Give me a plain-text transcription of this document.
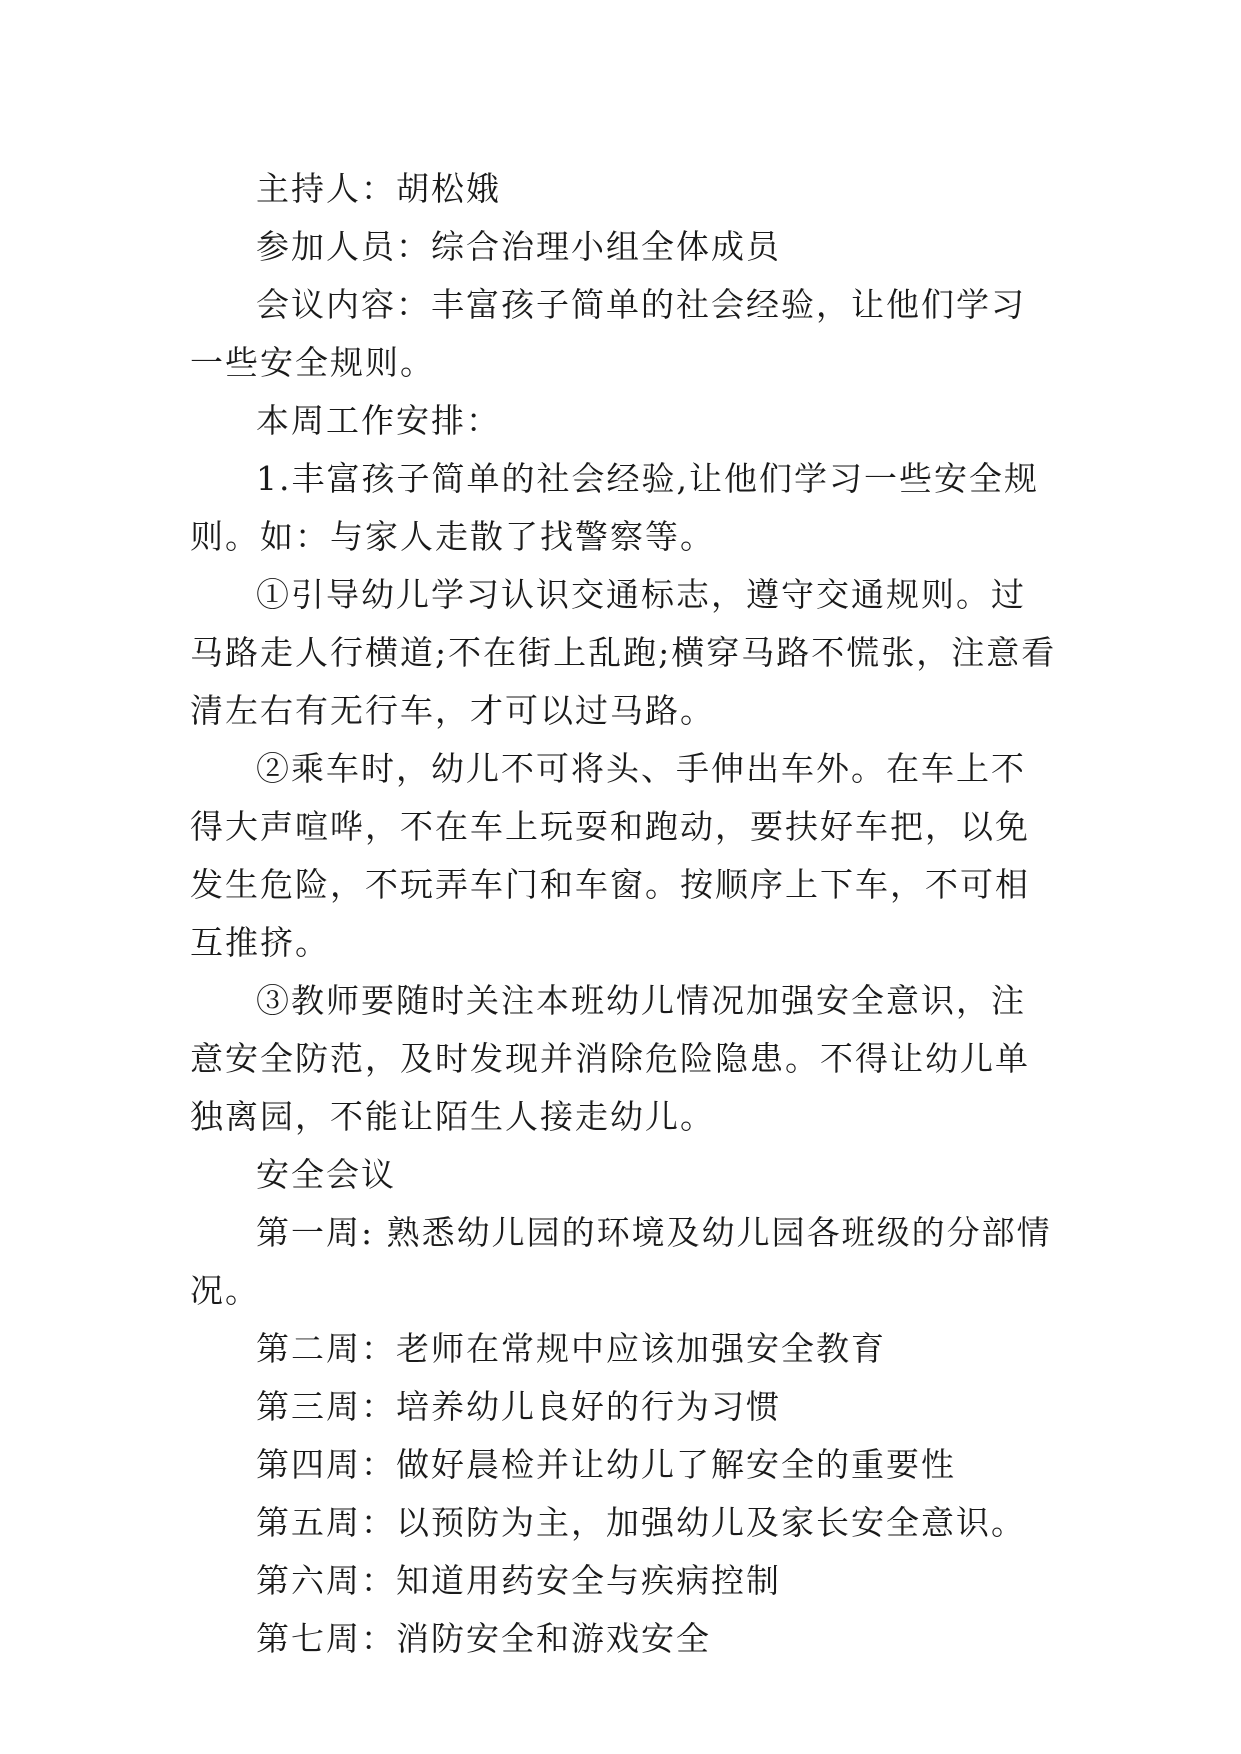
主持人：胡松娥

参加人员：综合治理小组全体成员

会议内容：丰富孩子简单的社会经验，让他们学习一些安全规则。

本周工作安排：

1.丰富孩子简单的社会经验,让他们学习一些安全规则。如：与家人走散了找警察等。

①引导幼儿学习认识交通标志，遵守交通规则。过马路走人行横道;不在街上乱跑;横穿马路不慌张，注意看清左右有无行车，才可以过马路。

②乘车时，幼儿不可将头、手伸出车外。在车上不得大声喧哗，不在车上玩耍和跑动，要扶好车把，以免发生危险，不玩弄车门和车窗。按顺序上下车，不可相互推挤。

③教师要随时关注本班幼儿情况加强安全意识，注意安全防范，及时发现并消除危险隐患。不得让幼儿单独离园，不能让陌生人接走幼儿。

安全会议

第一周: 熟悉幼儿园的环境及幼儿园各班级的分部情况。

第二周：老师在常规中应该加强安全教育

第三周：培养幼儿良好的行为习惯

第四周：做好晨检并让幼儿了解安全的重要性

第五周：以预防为主，加强幼儿及家长安全意识。

第六周：知道用药安全与疾病控制

第七周：消防安全和游戏安全
